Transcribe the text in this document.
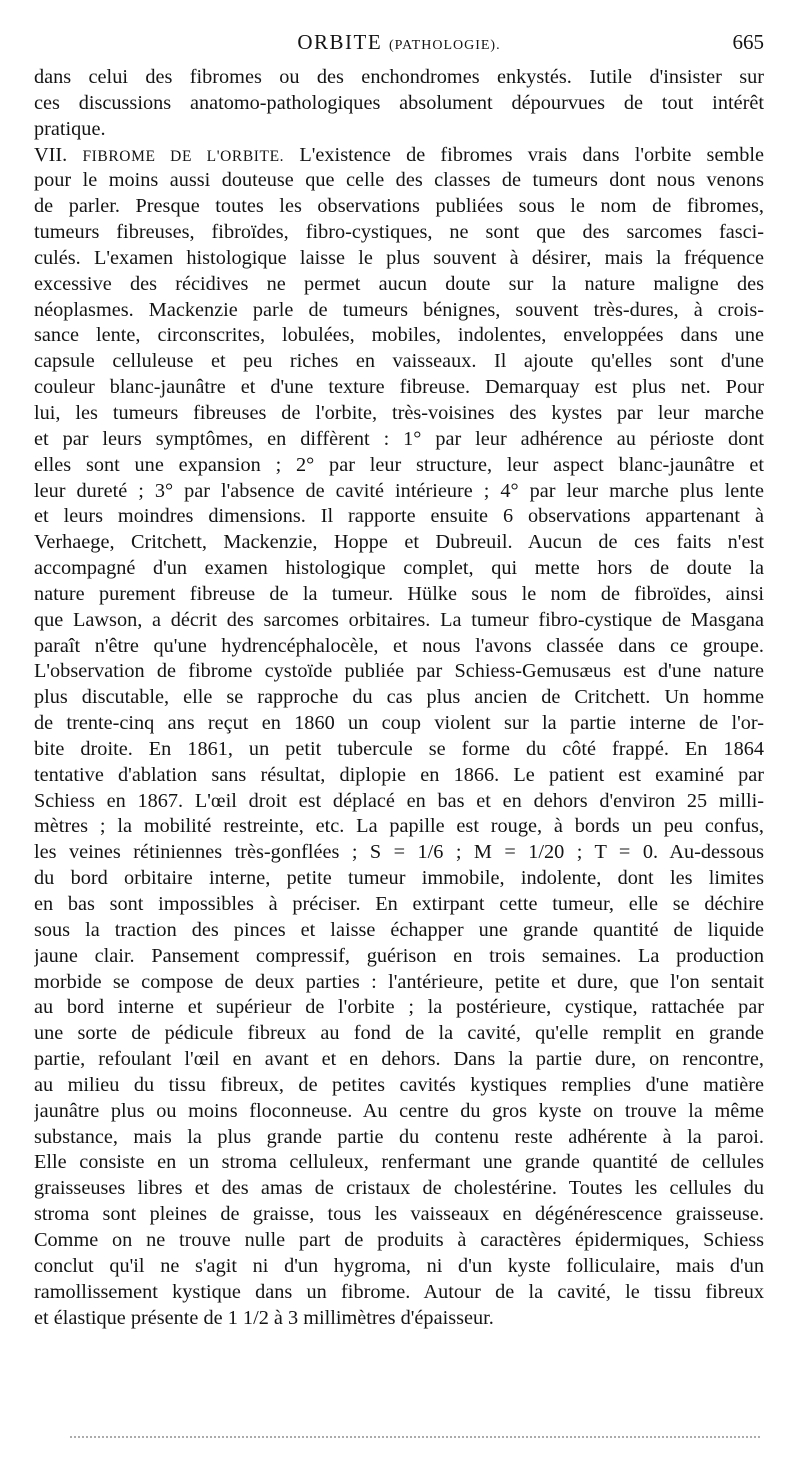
ORBITE (PATHOLOGIE).	665
dans celui des fibromes ou des enchondromes enkystés. Iutile d'insister sur
ces discussions anatomo-pathologiques absolument dépourvues de tout intérêt
pratique.
VII. FIBROME DE L'ORBITE. L'existence de fibromes vrais dans l'orbite semble
pour le moins aussi douteuse que celle des classes de tumeurs dont nous venons
de parler. Presque toutes les observations publiées sous le nom de fibromes,
tumeurs fibreuses, fibroïdes, fibro-cystiques, ne sont que des sarcomes fasci-
culés. L'examen histologique laisse le plus souvent à désirer, mais la fréquence
excessive des récidives ne permet aucun doute sur la nature maligne des
néoplasmes. Mackenzie parle de tumeurs bénignes, souvent très-dures, à crois-
sance lente, circonscrites, lobulées, mobiles, indolentes, enveloppées dans une
capsule celluleuse et peu riches en vaisseaux. Il ajoute qu'elles sont d'une
couleur blanc-jaunâtre et d'une texture fibreuse. Demarquay est plus net. Pour
lui, les tumeurs fibreuses de l'orbite, très-voisines des kystes par leur marche
et par leurs symptômes, en diffèrent : 1° par leur adhérence au périoste dont
elles sont une expansion ; 2° par leur structure, leur aspect blanc-jaunâtre et
leur dureté ; 3° par l'absence de cavité intérieure ; 4° par leur marche plus lente
et leurs moindres dimensions. Il rapporte ensuite 6 observations appartenant à
Verhaege, Critchett, Mackenzie, Hoppe et Dubreuil. Aucun de ces faits n'est
accompagné d'un examen histologique complet, qui mette hors de doute la
nature purement fibreuse de la tumeur. Hülke sous le nom de fibroïdes, ainsi
que Lawson, a décrit des sarcomes orbitaires. La tumeur fibro-cystique de Masgana
paraît n'être qu'une hydrencéphalocèle, et nous l'avons classée dans ce groupe.
L'observation de fibrome cystoïde publiée par Schiess-Gemusæus est d'une nature
plus discutable, elle se rapproche du cas plus ancien de Critchett. Un homme
de trente-cinq ans reçut en 1860 un coup violent sur la partie interne de l'or-
bite droite. En 1861, un petit tubercule se forme du côté frappé. En 1864
tentative d'ablation sans résultat, diplopie en 1866. Le patient est examiné par
Schiess en 1867. L'œil droit est déplacé en bas et en dehors d'environ 25 milli-
mètres ; la mobilité restreinte, etc. La papille est rouge, à bords un peu confus,
les veines rétiniennes très-gonflées ; S = 1/6 ; M = 1/20 ; T = 0. Au-dessous
du bord orbitaire interne, petite tumeur immobile, indolente, dont les limites
en bas sont impossibles à préciser. En extirpant cette tumeur, elle se déchire
sous la traction des pinces et laisse échapper une grande quantité de liquide
jaune clair. Pansement compressif, guérison en trois semaines. La production
morbide se compose de deux parties : l'antérieure, petite et dure, que l'on sentait
au bord interne et supérieur de l'orbite ; la postérieure, cystique, rattachée par
une sorte de pédicule fibreux au fond de la cavité, qu'elle remplit en grande
partie, refoulant l'œil en avant et en dehors. Dans la partie dure, on rencontre,
au milieu du tissu fibreux, de petites cavités kystiques remplies d'une matière
jaunâtre plus ou moins floconneuse. Au centre du gros kyste on trouve la même
substance, mais la plus grande partie du contenu reste adhérente à la paroi.
Elle consiste en un stroma celluleux, renfermant une grande quantité de cellules
graisseuses libres et des amas de cristaux de cholestérine. Toutes les cellules du
stroma sont pleines de graisse, tous les vaisseaux en dégénérescence graisseuse.
Comme on ne trouve nulle part de produits à caractères épidermiques, Schiess
conclut qu'il ne s'agit ni d'un hygroma, ni d'un kyste folliculaire, mais d'un
ramollissement kystique dans un fibrome. Autour de la cavité, le tissu fibreux
et élastique présente de 1 1/2 à 3 millimètres d'épaisseur.
